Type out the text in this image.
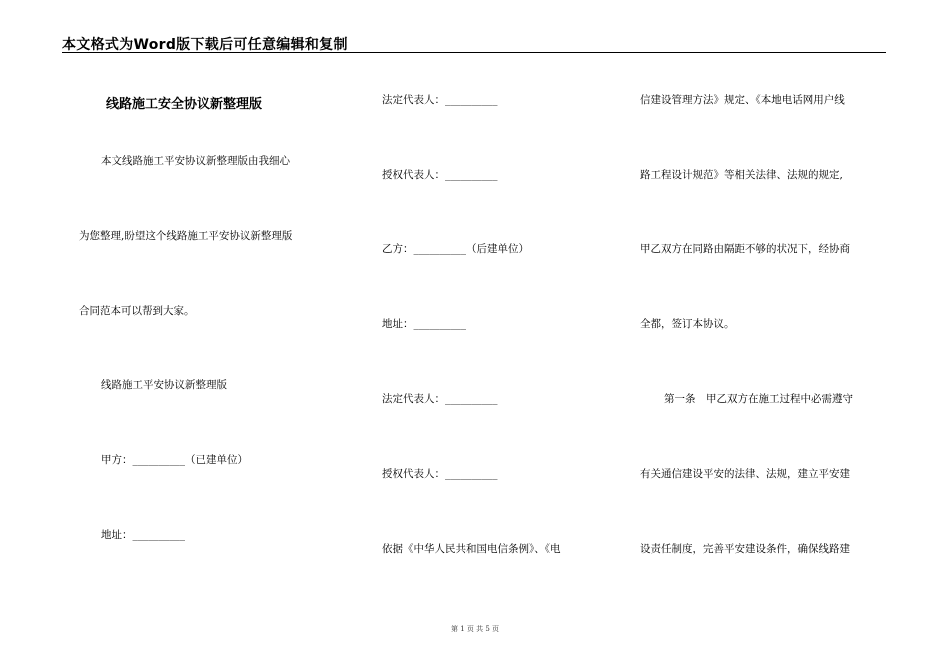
本文格式为Word版下载后可任意编辑和复制
线路施工安全协议新整理版
本文线路施工平安协议新整理版由我细心
为您整理,盼望这个线路施工平安协议新整理版
合同范本可以帮到大家。
线路施工平安协议新整理版
甲方：__________（已建单位）
地址：__________
法定代表人：__________
授权代表人：__________
乙方：__________（后建单位）
地址：__________
法定代表人：__________
授权代表人：__________
依据《中华人民共和国电信条例》、《电
信建设管理方法》规定、《本地电话网用户线
路工程设计规范》等相关法律、法规的规定,
甲乙双方在同路由隔距不够的状况下，经协商
全都，签订本协议。
第一条　甲乙双方在施工过程中必需遵守
有关通信建设平安的法律、法规，建立平安建
设责任制度，完善平安建设条件，确保线路建
第 1 页 共 5 页
